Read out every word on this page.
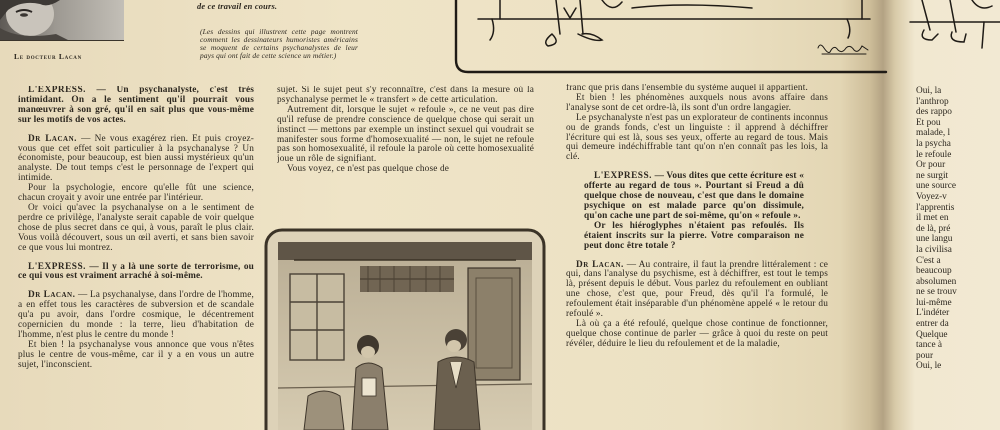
Le docteur Lacan
de ce travail en cours.
(Les dessins qui illustrent cette page montrent comment les dessinateurs humoristes américains se moquent de certains psychanalystes de leur pays qui ont fait de cette science un métier.)

L'EXPRESS. — Un psychanalyste, c'est très intimidant. On a le sentiment qu'il pourrait vous manœuvrer à son gré, qu'il en sait plus que vous-même sur les motifs de vos actes.

Dr Lacan. — Ne vous exagérez rien. Et puis croyez-vous que cet effet soit particulier à la psychanalyse ? Un économiste, pour beaucoup, est bien aussi mystérieux qu'un analyste. De tout temps c'est le personnage de l'expert qui intimide.

Pour la psychologie, encore qu'elle fût une science, chacun croyait y avoir une entrée par l'intérieur.

Or voici qu'avec la psychanalyse on a le sentiment de perdre ce privilège, l'analyste serait capable de voir quelque chose de plus secret dans ce qui, à vous, paraît le plus clair. Vous voilà découvert, sous un œil averti, et sans bien savoir ce que vous lui montrez.

L'EXPRESS. — Il y a là une sorte de terrorisme, ou ce qui vous est vraiment arraché à soi-même.

Dr Lacan. — La psychanalyse, dans l'ordre de l'homme, a en effet tous les caractères de subversion et de scandale qu'a pu avoir, dans l'ordre cosmique, le décentrement copernicien du monde : la terre, lieu d'habitation de l'homme, n'est plus le centre du monde !

Et bien ! la psychanalyse vous annonce que vous n'êtes plus le centre de vous-même, car il y a en vous un autre sujet, l'inconscient.

sujet. Si le sujet peut s'y reconnaître, c'est dans la mesure où la psychanalyse permet le « transfert » de cette articulation.

Autrement dit, lorsque le sujet « refoule », ce ne veut pas dire qu'il refuse de prendre conscience de quelque chose qui serait un instinct — mettons par exemple un instinct sexuel qui voudrait se manifester sous forme d'homosexualité — non, le sujet ne refoule pas son homosexualité, il refoule la parole où cette homosexualité joue un rôle de signifiant.

Vous voyez, ce n'est pas quelque chose de

franc que pris dans l'ensemble du système auquel il appartient.

Et bien ! les phénomènes auxquels nous avons affaire dans l'analyse sont de cet ordre-là, ils sont d'un ordre langagier.

Le psychanalyste n'est pas un explorateur de continents inconnus ou de grands fonds, c'est un linguiste : il apprend à déchiffrer l'écriture qui est là, sous ses yeux, offerte au regard de tous. Mais qui demeure indéchiffrable tant qu'on n'en connaît pas les lois, la clé.

L'EXPRESS. — Vous dites que cette écriture est « offerte au regard de tous ». Pourtant si Freud a dû quelque chose de nouveau, c'est que dans le domaine psychique on est malade parce qu'on dissimule, qu'on cache une part de soi-même, qu'on « refoule ».

Or les hiéroglyphes n'étaient pas refoulés. Ils étaient inscrits sur la pierre. Votre comparaison ne peut donc être totale ?

Dr Lacan. — Au contraire, il faut la prendre littéralement : ce qui, dans l'analyse du psychisme, est à déchiffrer, est tout le temps là, présent depuis le début. Vous parlez du refoulement en oubliant une chose, c'est que, pour Freud, dès qu'il l'a formulé, le refoulement était inséparable d'un phénomène appelé « le retour du refoulé ».

Là où ça a été refoulé, quelque chose continue de fonctionner, quelque chose continue de parler — grâce à quoi du reste on peut révéler, déduire le lieu du refoulement et de la maladie,

Oui, la
l'anthrop
des rappo
Et pou
malade, l
la psycha
le refoule
Or pour
ne surgit
une source
Voyez-v
l'apprentis
il met en
de là, pré
une langu
la civilisa
C'est a
beaucoup
absolumen
ne se trouv
lui-même
L'indéter
entrer da
Quelque
tance à
pour
Oui, le
